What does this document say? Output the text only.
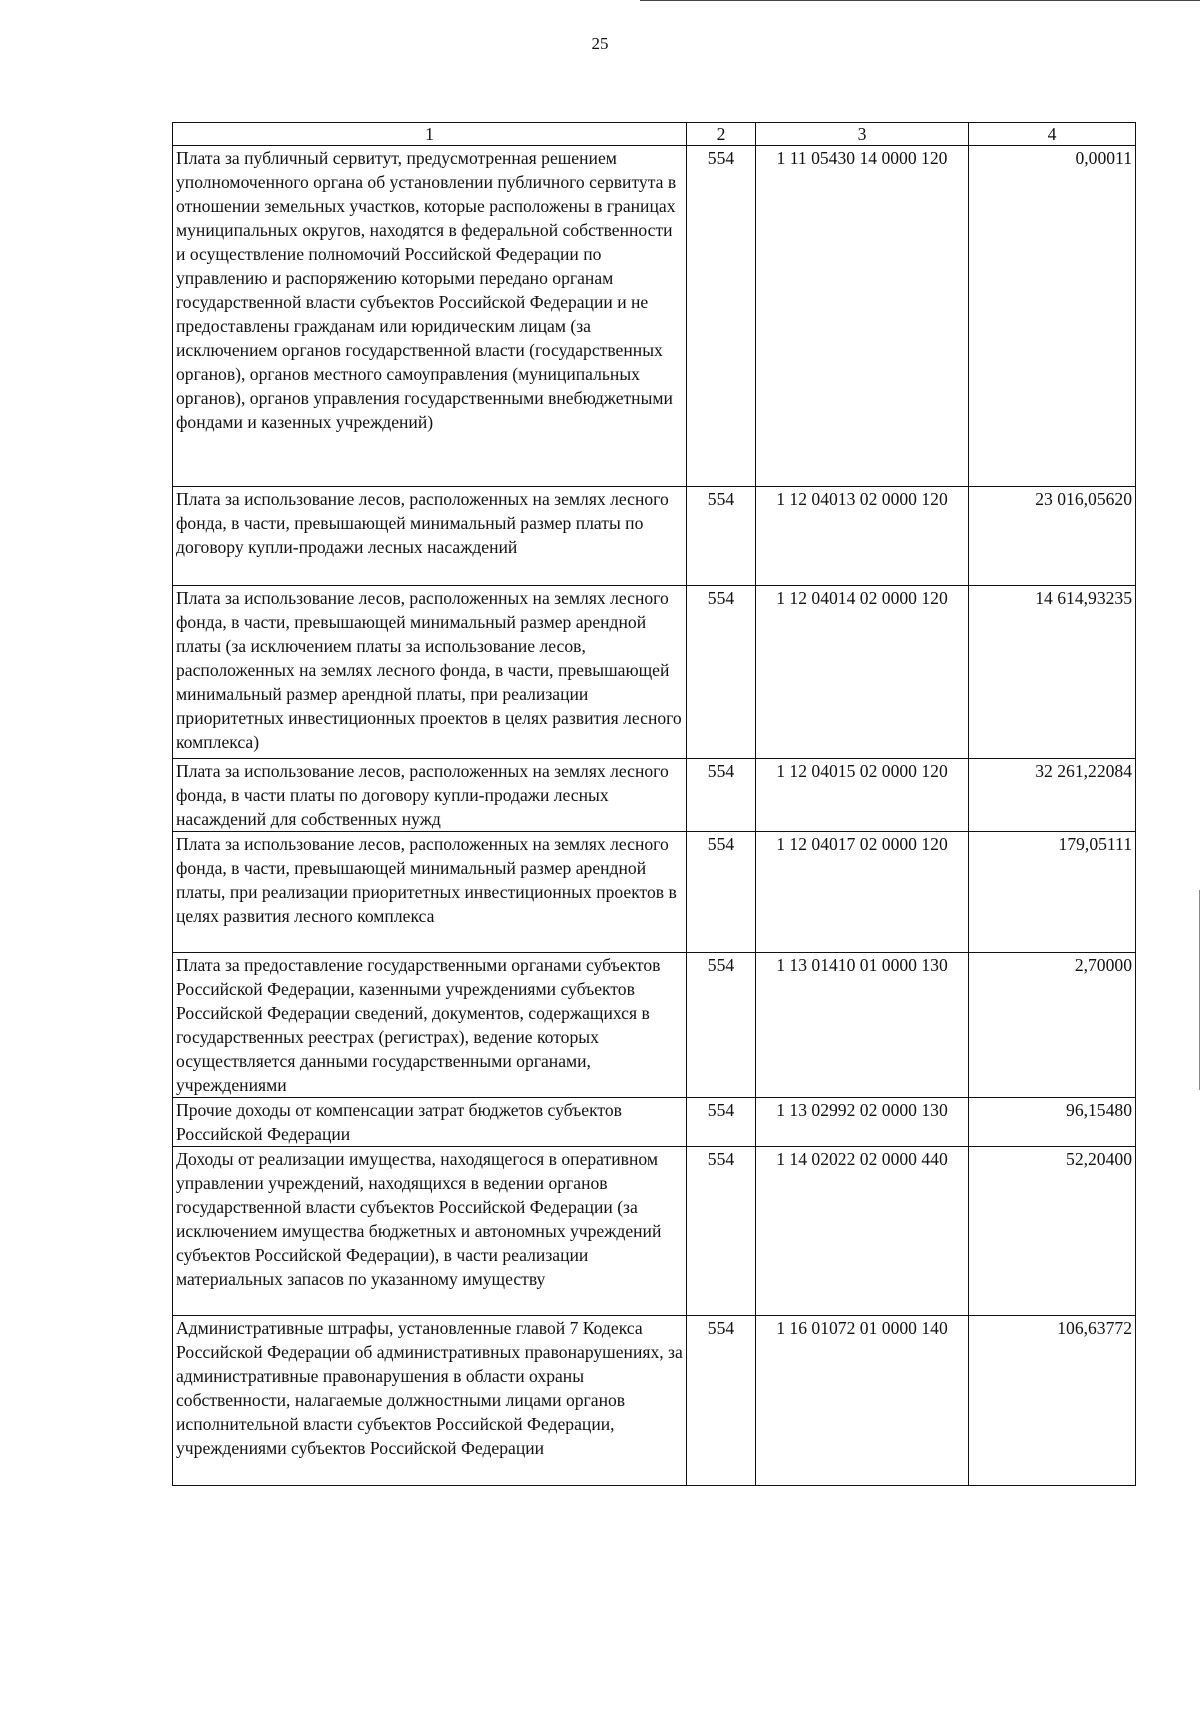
25
1	2	3	4
Плата за публичный сервитут, предусмотренная решением уполномоченного органа об установлении публичного сервитута в отношении земельных участков, которые расположены в границах муниципальных округов, находятся в федеральной собственности и осуществление полномочий Российской Федерации по управлению и распоряжению которыми передано органам государственной власти субъектов Российской Федерации и не предоставлены гражданам или юридическим лицам (за исключением органов государственной власти (государственных органов), органов местного самоуправления (муниципальных органов), органов управления государственными внебюджетными фондами и казенных учреждений)	554	1 11 05430 14 0000 120	0,00011
Плата за использование лесов, расположенных на землях лесного фонда, в части, превышающей минимальный размер платы по договору купли-продажи лесных насаждений	554	1 12 04013 02 0000 120	23 016,05620
Плата за использование лесов, расположенных на землях лесного фонда, в части, превышающей минимальный размер арендной платы (за исключением платы за использование лесов, расположенных на землях лесного фонда, в части, превышающей минимальный размер арендной платы, при реализации приоритетных инвестиционных проектов в целях развития лесного комплекса)	554	1 12 04014 02 0000 120	14 614,93235
Плата за использование лесов, расположенных на землях лесного фонда, в части платы по договору купли-продажи лесных насаждений для собственных нужд	554	1 12 04015 02 0000 120	32 261,22084
Плата за использование лесов, расположенных на землях лесного фонда, в части, превышающей минимальный размер арендной платы, при реализации приоритетных инвестиционных проектов в целях развития лесного комплекса	554	1 12 04017 02 0000 120	179,05111
Плата за предоставление государственными органами субъектов Российской Федерации, казенными учреждениями субъектов Российской Федерации сведений, документов, содержащихся в государственных реестрах (регистрах), ведение которых осуществляется данными государственными органами, учреждениями	554	1 13 01410 01 0000 130	2,70000
Прочие доходы от компенсации затрат бюджетов субъектов Российской Федерации	554	1 13 02992 02 0000 130	96,15480
Доходы от реализации имущества, находящегося в оперативном управлении учреждений, находящихся в ведении органов государственной власти субъектов Российской Федерации (за исключением имущества бюджетных и автономных учреждений субъектов Российской Федерации), в части реализации материальных запасов по указанному имуществу	554	1 14 02022 02 0000 440	52,20400
Административные штрафы, установленные главой 7 Кодекса Российской Федерации об административных правонарушениях, за административные правонарушения в области охраны собственности, налагаемые должностными лицами органов исполнительной власти субъектов Российской Федерации, учреждениями субъектов Российской Федерации	554	1 16 01072 01 0000 140	106,63772
